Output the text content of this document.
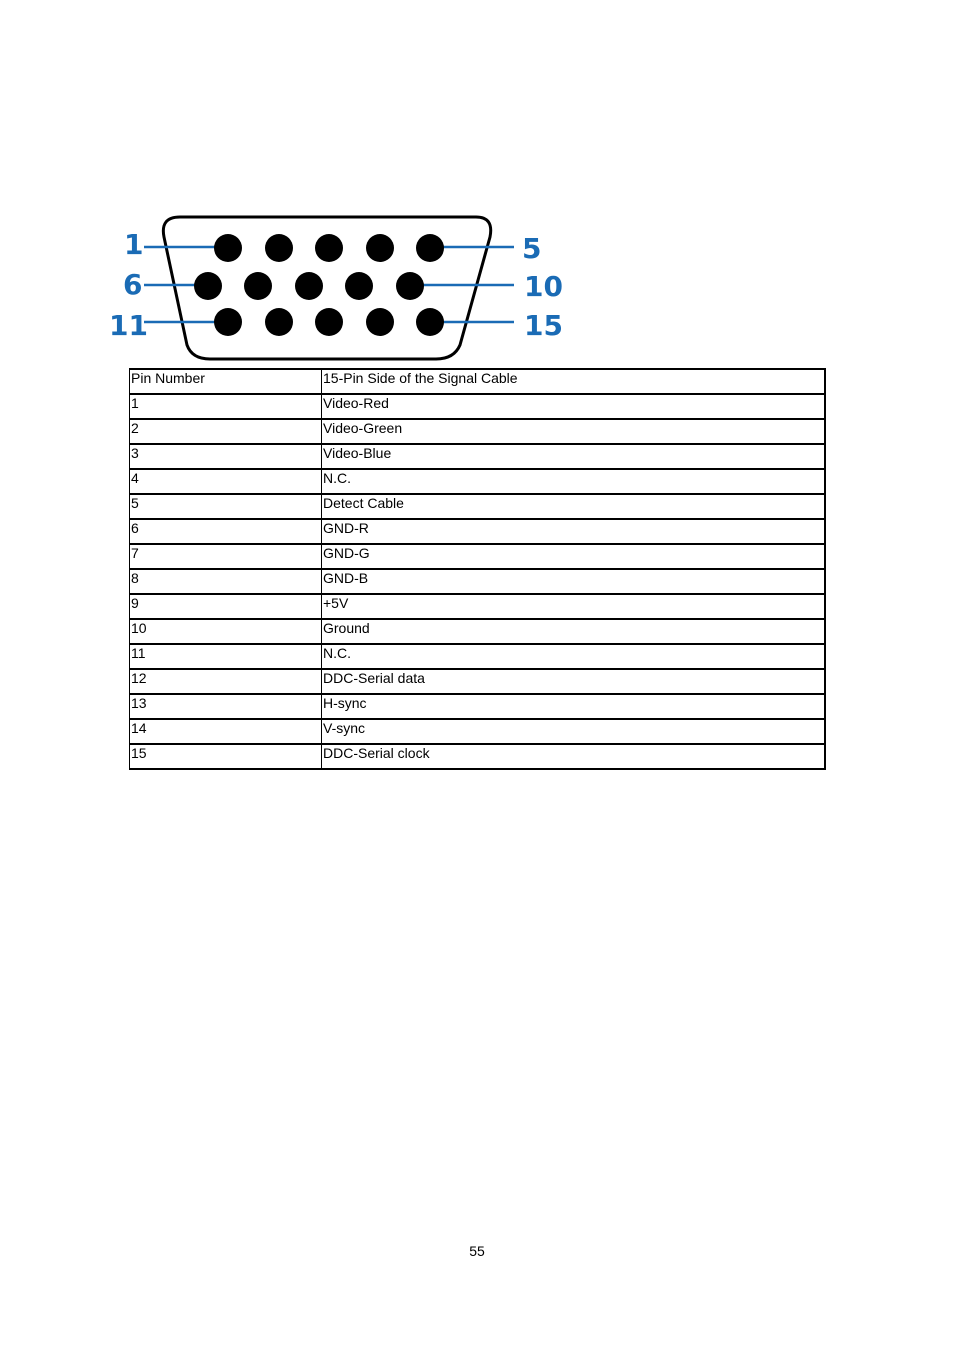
1
6
11
5
10
15
Pin Number	15-Pin Side of the Signal Cable
1	Video-Red
2	Video-Green
3	Video-Blue
4	N.C.
5	Detect Cable
6	GND-R
7	GND-G
8	GND-B
9	+5V
10	Ground
11	N.C.
12	DDC-Serial data
13	H-sync
14	V-sync
15	DDC-Serial clock
55
